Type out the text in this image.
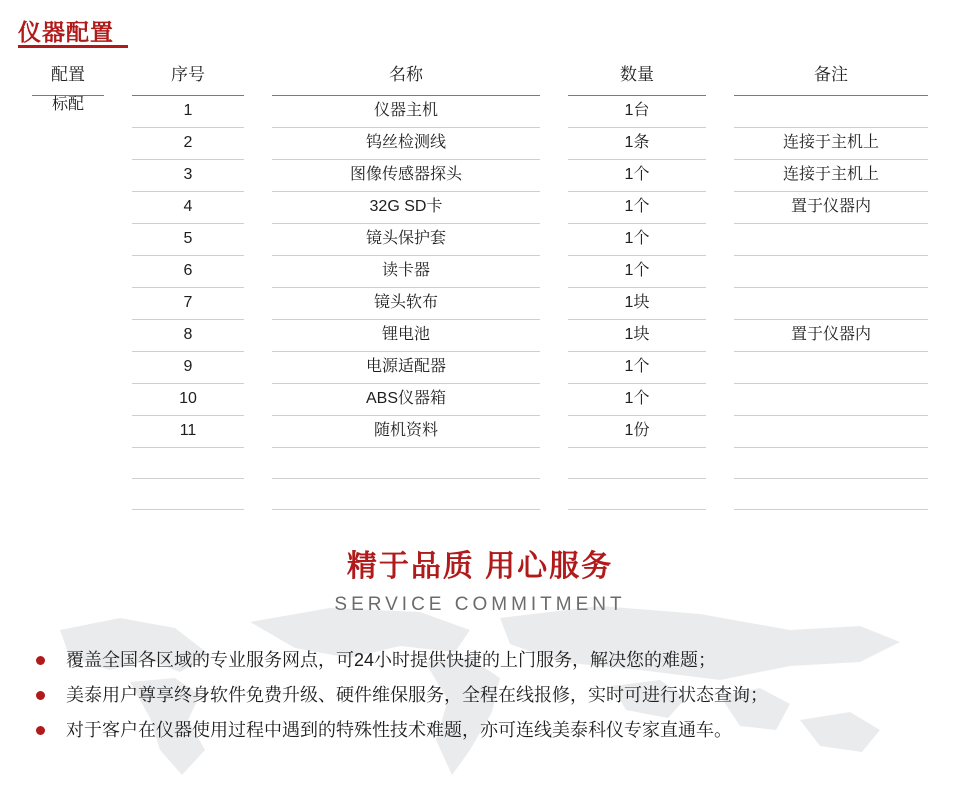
仪器配置
配置	序号	名称	数量	备注

标配	1	仪器主机	1台	

	2	钨丝检测线	1条	连接于主机上

	3	图像传感器探头	1个	连接于主机上

	4	32G SD卡	1个	置于仪器内

	5	镜头保护套	1个	

	6	读卡器	1个	

	7	镜头软布	1块	

	8	锂电池	1块	置于仪器内

	9	电源适配器	1个	

	10	ABS仪器箱	1个	

	11	随机资料	1份	

精于品质 用心服务
SERVICE COMMITMENT
覆盖全国各区域的专业服务网点，可24小时提供快捷的上门服务，解决您的难题；
美泰用户尊享终身软件免费升级、硬件维保服务，全程在线报修，实时可进行状态查询；
对于客户在仪器使用过程中遇到的特殊性技术难题，亦可连线美泰科仪专家直通车。
